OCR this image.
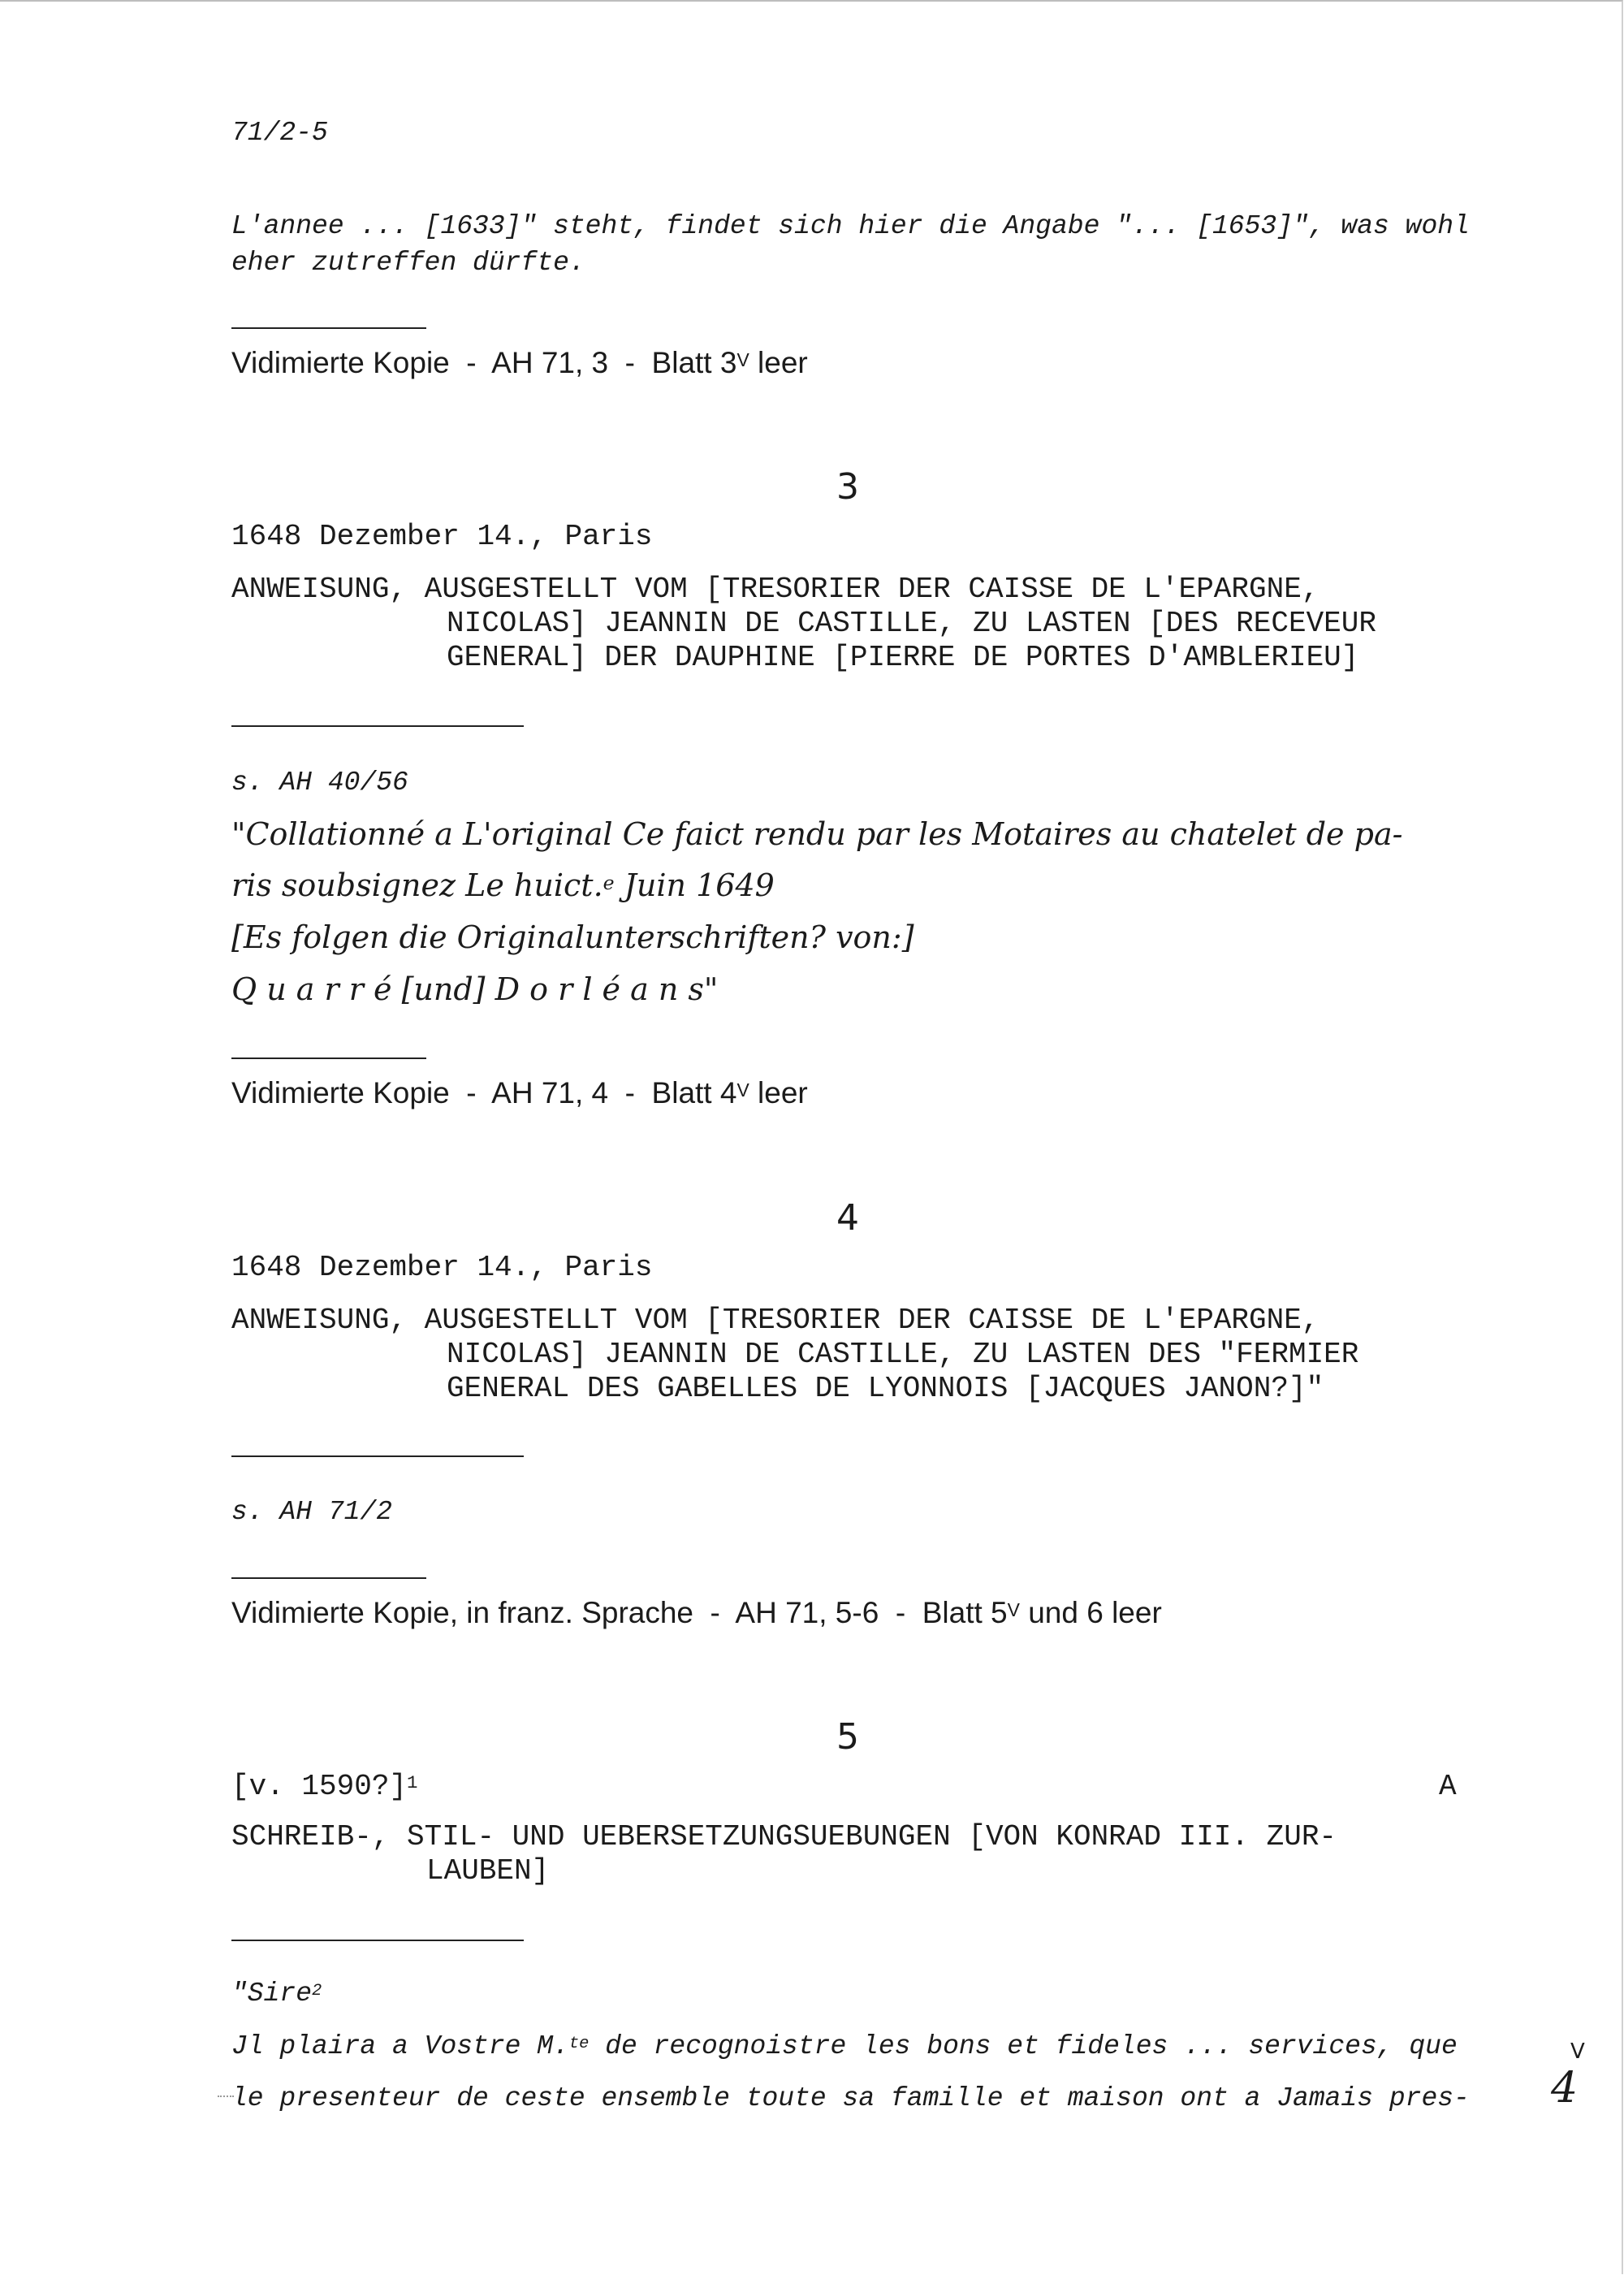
71/2-5
L'annee ... [1633]" steht, findet sich hier die Angabe "... [1653]", was wohl
eher zutreffen dürfte.
Vidimierte Kopie  -  AH 71, 3  -  Blatt $3^V$ leer
3
1648 Dezember 14., Paris
ANWEISUNG, AUSGESTELLT VOM [TRESORIER DER CAISSE DE L'EPARGNE,
NICOLAS] JEANNIN DE CASTILLE, ZU LASTEN [DES RECEVEUR
GENERAL] DER DAUPHINE [PIERRE DE PORTES D'AMBLERIEU]
s. AH 40/56
"Collationné a L'original Ce faict rendu par les Motaires au chatelet de pa-
ris soubsignez Le huict.$^e$ Juin 1649
[Es folgen die Originalunterschriften? von:]
Q u a r r é [und] D o r l é a n s"
Vidimierte Kopie  -  AH 71, 4  -  Blatt $4^V$ leer
4
1648 Dezember 14., Paris
ANWEISUNG, AUSGESTELLT VOM [TRESORIER DER CAISSE DE L'EPARGNE,
NICOLAS] JEANNIN DE CASTILLE, ZU LASTEN DES "FERMIER
GENERAL DES GABELLES DE LYONNOIS [JACQUES JANON?]"
s. AH 71/2
Vidimierte Kopie, in franz. Sprache  -  AH 71, 5-6  -  Blatt $5^V$ und 6 leer
5
[v. 1590?]$^1$	A
SCHREIB-, STIL- UND UEBERSETZUNGSUEBUNGEN [VON KONRAD III. ZUR-
LAUBEN]
"Sire$^2$
Jl plaira a Vostre M.$^{te}$ de recognoistre les bons et fideles ... services, que
le presenteur de ceste ensemble toute sa famille et maison ont a Jamais pres-
V
4
